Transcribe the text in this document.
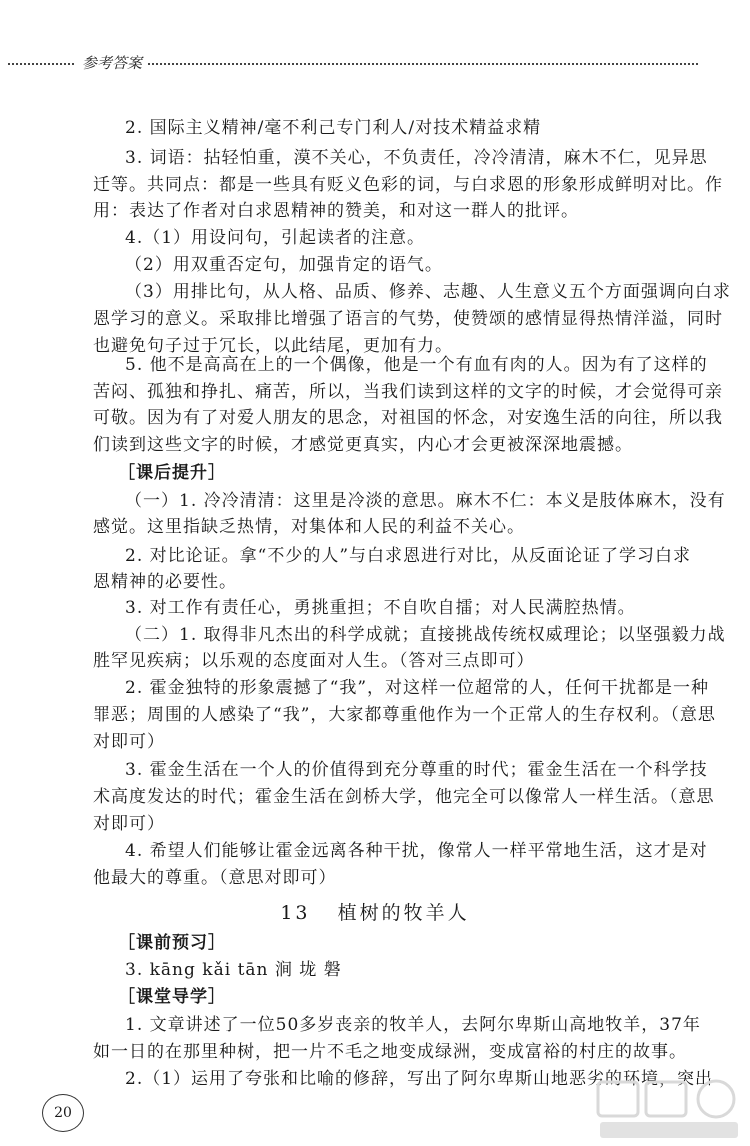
参考答案
2. 国际主义精神/毫不利己专门利人/对技术精益求精
3. 词语：拈轻怕重，漠不关心，不负责任，冷冷清清，麻木不仁，见异思
迁等。共同点：都是一些具有贬义色彩的词，与白求恩的形象形成鲜明对比。作
用：表达了作者对白求恩精神的赞美，和对这一群人的批评。
4.（1）用设问句，引起读者的注意。
（2）用双重否定句，加强肯定的语气。
（3）用排比句，从人格、品质、修养、志趣、人生意义五个方面强调向白求
恩学习的意义。采取排比增强了语言的气势，使赞颂的感情显得热情洋溢，同时
也避免句子过于冗长，以此结尾，更加有力。
5. 他不是高高在上的一个偶像，他是一个有血有肉的人。因为有了这样的
苦闷、孤独和挣扎、痛苦，所以，当我们读到这样的文字的时候，才会觉得可亲
可敬。因为有了对爱人朋友的思念，对祖国的怀念，对安逸生活的向往，所以我
们读到这些文字的时候，才感觉更真实，内心才会更被深深地震撼。
［课后提升］
（一）1. 冷冷清清：这里是冷淡的意思。麻木不仁：本义是肢体麻木，没有
感觉。这里指缺乏热情，对集体和人民的利益不关心。
2. 对比论证。拿“不少的人”与白求恩进行对比，从反面论证了学习白求
恩精神的必要性。
3. 对工作有责任心，勇挑重担；不自吹自擂；对人民满腔热情。
（二）1. 取得非凡杰出的科学成就；直接挑战传统权威理论；以坚强毅力战
胜罕见疾病；以乐观的态度面对人生。（答对三点即可）
2. 霍金独特的形象震撼了“我”，对这样一位超常的人，任何干扰都是一种
罪恶；周围的人感染了“我”，大家都尊重他作为一个正常人的生存权利。（意思
对即可）
3. 霍金生活在一个人的价值得到充分尊重的时代；霍金生活在一个科学技
术高度发达的时代；霍金生活在剑桥大学，他完全可以像常人一样生活。（意思
对即可）
4. 希望人们能够让霍金远离各种干扰，像常人一样平常地生活，这才是对
他最大的尊重。（意思对即可）
13 植树的牧羊人
［课前预习］
3. kāng kǎi tān 涧 垅 磐
［课堂导学］
1. 文章讲述了一位50多岁丧亲的牧羊人，去阿尔卑斯山高地牧羊，37年
如一日的在那里种树，把一片不毛之地变成绿洲，变成富裕的村庄的故事。
2.（1）运用了夸张和比喻的修辞，写出了阿尔卑斯山地恶劣的环境，突出
20
